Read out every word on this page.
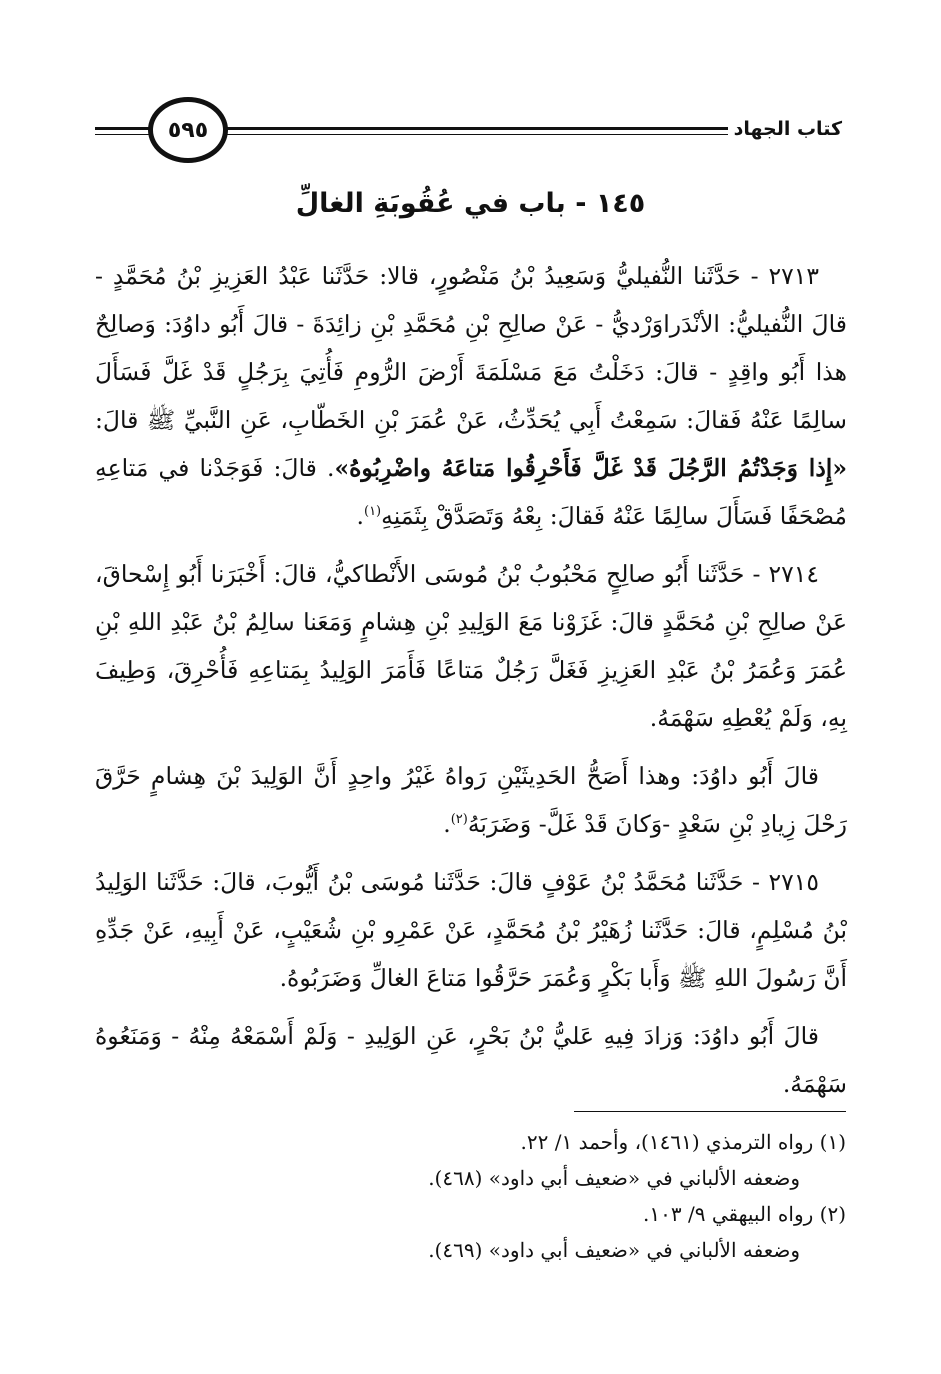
كتاب الجهاد
٥٩٥
١٤٥ - باب في عُقُوبَةِ الغالِّ

٢٧١٣ - حَدَّثَنا النُّفيليُّ وَسَعِيدُ بْنُ مَنْصُورٍ، قالا: حَدَّثَنا عَبْدُ العَزِيزِ بْنُ مُحَمَّدٍ - قالَ النُّفيليُّ: الأنْدَراوَرْديُّ - عَنْ صالِحِ بْنِ مُحَمَّدِ بْنِ زائِدَةَ - قالَ أَبُو داوُدَ: وَصالِحٌ هذا أَبُو واقِدٍ - قالَ: دَخَلْتُ مَعَ مَسْلَمَةَ أَرْضَ الرُّومِ فَأُتِيَ بِرَجُلٍ قَدْ غَلَّ فَسَأَلَ سالِمًا عَنْهُ فَقالَ: سَمِعْتُ أَبِي يُحَدِّثُ، عَنْ عُمَرَ بْنِ الخَطّابِ، عَنِ النَّبيِّ ﷺ قالَ: «إِذا وَجَدْتُمُ الرَّجُلَ قَدْ غَلَّ فَأَحْرِقُوا مَتاعَهُ واضْرِبُوهُ». قالَ: فَوَجَدْنا في مَتاعِهِ مُصْحَفًا فَسَأَلَ سالِمًا عَنْهُ فَقالَ: بِعْهُ وَتَصَدَّقْ بِثَمَنِهِ$^{(١)}$.

٢٧١٤ - حَدَّثَنا أَبُو صالِحٍ مَحْبُوبُ بْنُ مُوسَى الأَنْطاكيُّ، قالَ: أَخْبَرَنا أَبُو إِسْحاقَ، عَنْ صالِحِ بْنِ مُحَمَّدٍ قالَ: غَزَوْنا مَعَ الوَلِيدِ بْنِ هِشامٍ وَمَعَنا سالِمُ بْنُ عَبْدِ اللهِ بْنِ عُمَرَ وَعُمَرُ بْنُ عَبْدِ العَزِيزِ فَغَلَّ رَجُلٌ مَتاعًا فَأَمَرَ الوَلِيدُ بِمَتاعِهِ فَأُحْرِقَ، وَطِيفَ بِهِ، وَلَمْ يُعْطِهِ سَهْمَهُ.

قالَ أَبُو داوُدَ: وهذا أَصَحُّ الحَدِيثَيْنِ رَواهُ غَيْرُ واحِدٍ أَنَّ الوَلِيدَ بْنَ هِشامٍ حَرَّقَ رَحْلَ زِيادِ بْنِ سَعْدٍ -وَكانَ قَدْ غَلَّ- وَضَرَبَهُ$^{(٢)}$.

٢٧١٥ - حَدَّثَنا مُحَمَّدُ بْنُ عَوْفٍ قالَ: حَدَّثَنا مُوسَى بْنُ أَيُّوبَ، قالَ: حَدَّثَنا الوَلِيدُ بْنُ مُسْلِمٍ، قالَ: حَدَّثَنا زُهَيْرُ بْنُ مُحَمَّدٍ، عَنْ عَمْرِو بْنِ شُعَيْبٍ، عَنْ أَبِيهِ، عَنْ جَدِّهِ أَنَّ رَسُولَ اللهِ ﷺ وَأَبا بَكْرٍ وَعُمَرَ حَرَّقُوا مَتاعَ الغالِّ وَضَرَبُوهُ.

قالَ أَبُو داوُدَ: وَزادَ فِيهِ عَليُّ بْنُ بَحْرٍ، عَنِ الوَلِيدِ - وَلَمْ أَسْمَعْهُ مِنْهُ - وَمَنَعُوهُ سَهْمَهُ.

(١) رواه الترمذي (١٤٦١)، وأحمد ١/ ٢٢.
وضعفه الألباني في «ضعيف أبي داود» (٤٦٨).
(٢) رواه البيهقي ٩/ ١٠٣.
وضعفه الألباني في «ضعيف أبي داود» (٤٦٩).
